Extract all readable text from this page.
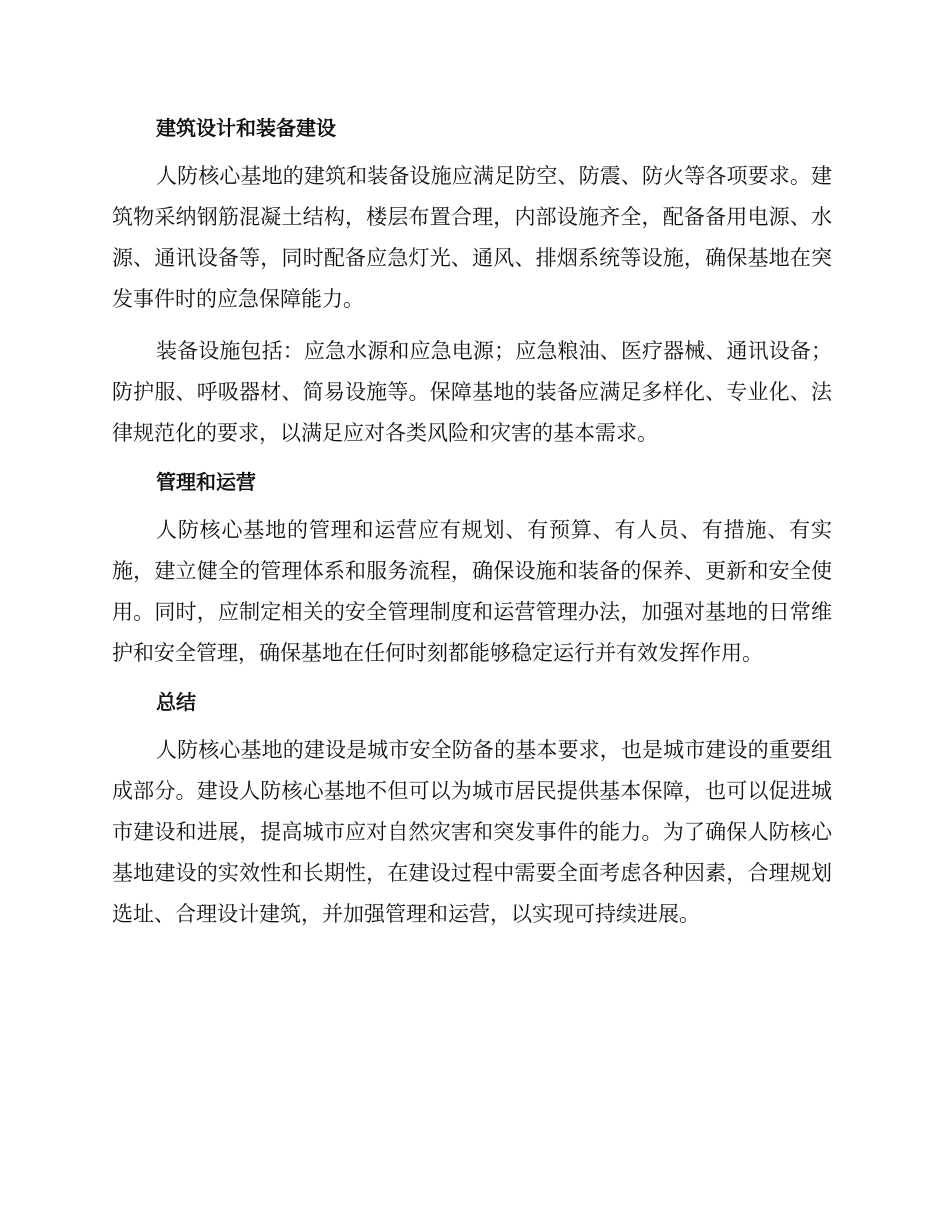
建筑设计和装备建设

人防核心基地的建筑和装备设施应满足防空、防震、防火等各项要求。建筑物采纳钢筋混凝土结构，楼层布置合理，内部设施齐全，配备备用电源、水源、通讯设备等，同时配备应急灯光、通风、排烟系统等设施，确保基地在突发事件时的应急保障能力。

装备设施包括：应急水源和应急电源；应急粮油、医疗器械、通讯设备；防护服、呼吸器材、简易设施等。保障基地的装备应满足多样化、专业化、法律规范化的要求，以满足应对各类风险和灾害的基本需求。

管理和运营

人防核心基地的管理和运营应有规划、有预算、有人员、有措施、有实施，建立健全的管理体系和服务流程，确保设施和装备的保养、更新和安全使用。同时，应制定相关的安全管理制度和运营管理办法，加强对基地的日常维护和安全管理，确保基地在任何时刻都能够稳定运行并有效发挥作用。

总结

人防核心基地的建设是城市安全防备的基本要求，也是城市建设的重要组成部分。建设人防核心基地不但可以为城市居民提供基本保障，也可以促进城市建设和进展，提高城市应对自然灾害和突发事件的能力。为了确保人防核心基地建设的实效性和长期性，在建设过程中需要全面考虑各种因素，合理规划选址、合理设计建筑，并加强管理和运营，以实现可持续进展。
